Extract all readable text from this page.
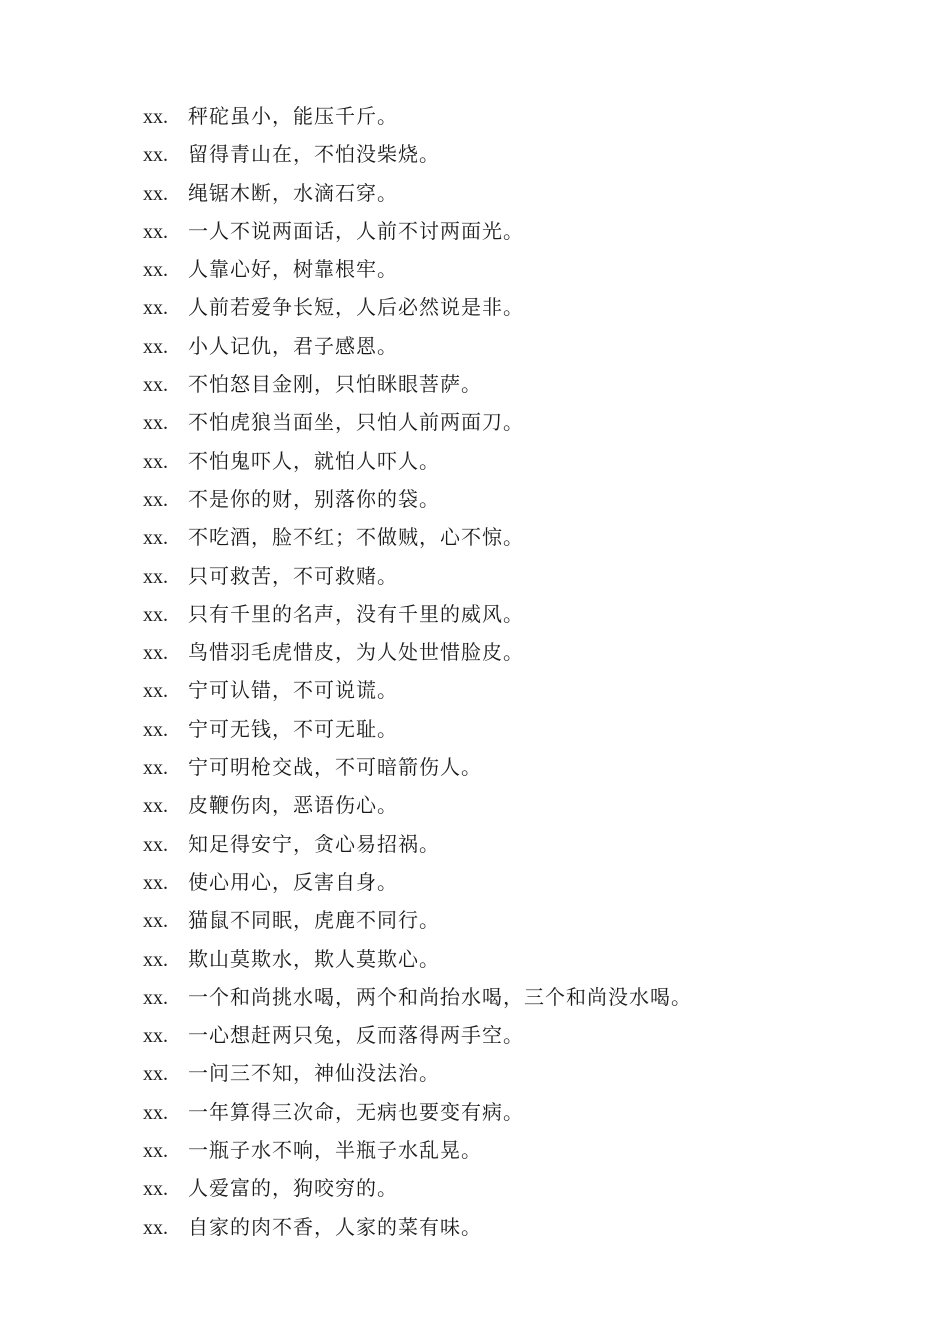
xx. 秤砣虽小，能压千斤。
xx. 留得青山在，不怕没柴烧。
xx. 绳锯木断，水滴石穿。
xx. 一人不说两面话，人前不讨两面光。
xx. 人靠心好，树靠根牢。
xx. 人前若爱争长短，人后必然说是非。
xx. 小人记仇，君子感恩。
xx. 不怕怒目金刚，只怕眯眼菩萨。
xx. 不怕虎狼当面坐，只怕人前两面刀。
xx. 不怕鬼吓人，就怕人吓人。
xx. 不是你的财，别落你的袋。
xx. 不吃酒，脸不红；不做贼，心不惊。
xx. 只可救苦，不可救赌。
xx. 只有千里的名声，没有千里的威风。
xx. 鸟惜羽毛虎惜皮，为人处世惜脸皮。
xx. 宁可认错，不可说谎。
xx. 宁可无钱，不可无耻。
xx. 宁可明枪交战，不可暗箭伤人。
xx. 皮鞭伤肉，恶语伤心。
xx. 知足得安宁，贪心易招祸。
xx. 使心用心，反害自身。
xx. 猫鼠不同眠，虎鹿不同行。
xx. 欺山莫欺水，欺人莫欺心。
xx. 一个和尚挑水喝，两个和尚抬水喝，三个和尚没水喝。
xx. 一心想赶两只兔，反而落得两手空。
xx. 一问三不知，神仙没法治。
xx. 一年算得三次命，无病也要变有病。
xx. 一瓶子水不响，半瓶子水乱晃。
xx. 人爱富的，狗咬穷的。
xx. 自家的肉不香，人家的菜有味。
